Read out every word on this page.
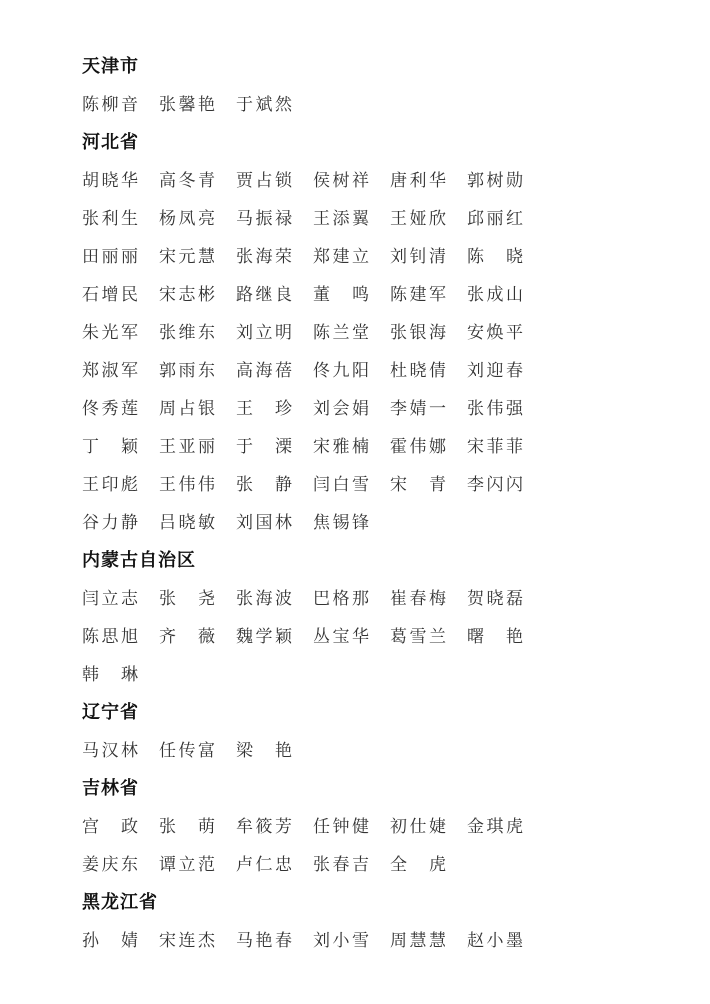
天津市
陈 柳 音 张 馨 艳 于 斌 然
河北省
胡 晓 华 高 冬 青 贾 占 锁 侯 树 祥 唐 利 华 郭 树 勋
张 利 生 杨 凤 亮 马 振 禄 王 添 翼 王 娅 欣 邱 丽 红
田 丽 丽 宋 元 慧 张 海 荣 郑 建 立 刘 钊 清 陈 晓
石 增 民 宋 志 彬 路 继 良 董 鸣 陈 建 军 张 成 山
朱 光 军 张 维 东 刘 立 明 陈 兰 堂 张 银 海 安 焕 平
郑 淑 军 郭 雨 东 高 海 蓓 佟 九 阳 杜 晓 倩 刘 迎 春
佟 秀 莲 周 占 银 王 珍 刘 会 娟 李 婧 一 张 伟 强
丁 颖 王 亚 丽 于 溧 宋 雅 楠 霍 伟 娜 宋 菲 菲
王 印 彪 王 伟 伟 张 静 闫 白 雪 宋 青 李 闪 闪
谷 力 静 吕 晓 敏 刘 国 林 焦 锡 锋
内蒙古自治区
闫 立 志 张 尧 张 海 波 巴 格 那 崔 春 梅 贺 晓 磊
陈 思 旭 齐 薇 魏 学 颖 丛 宝 华 葛 雪 兰 曙 艳
韩 琳
辽宁省
马 汉 林 任 传 富 梁 艳
吉林省
宫 政 张 萌 牟 筱 芳 任 钟 健 初 仕 婕 金 琪 虎
姜 庆 东 谭 立 范 卢 仁 忠 张 春 吉 全 虎
黑龙江省
孙 婧 宋 连 杰 马 艳 春 刘 小 雪 周 慧 慧 赵 小 墨
